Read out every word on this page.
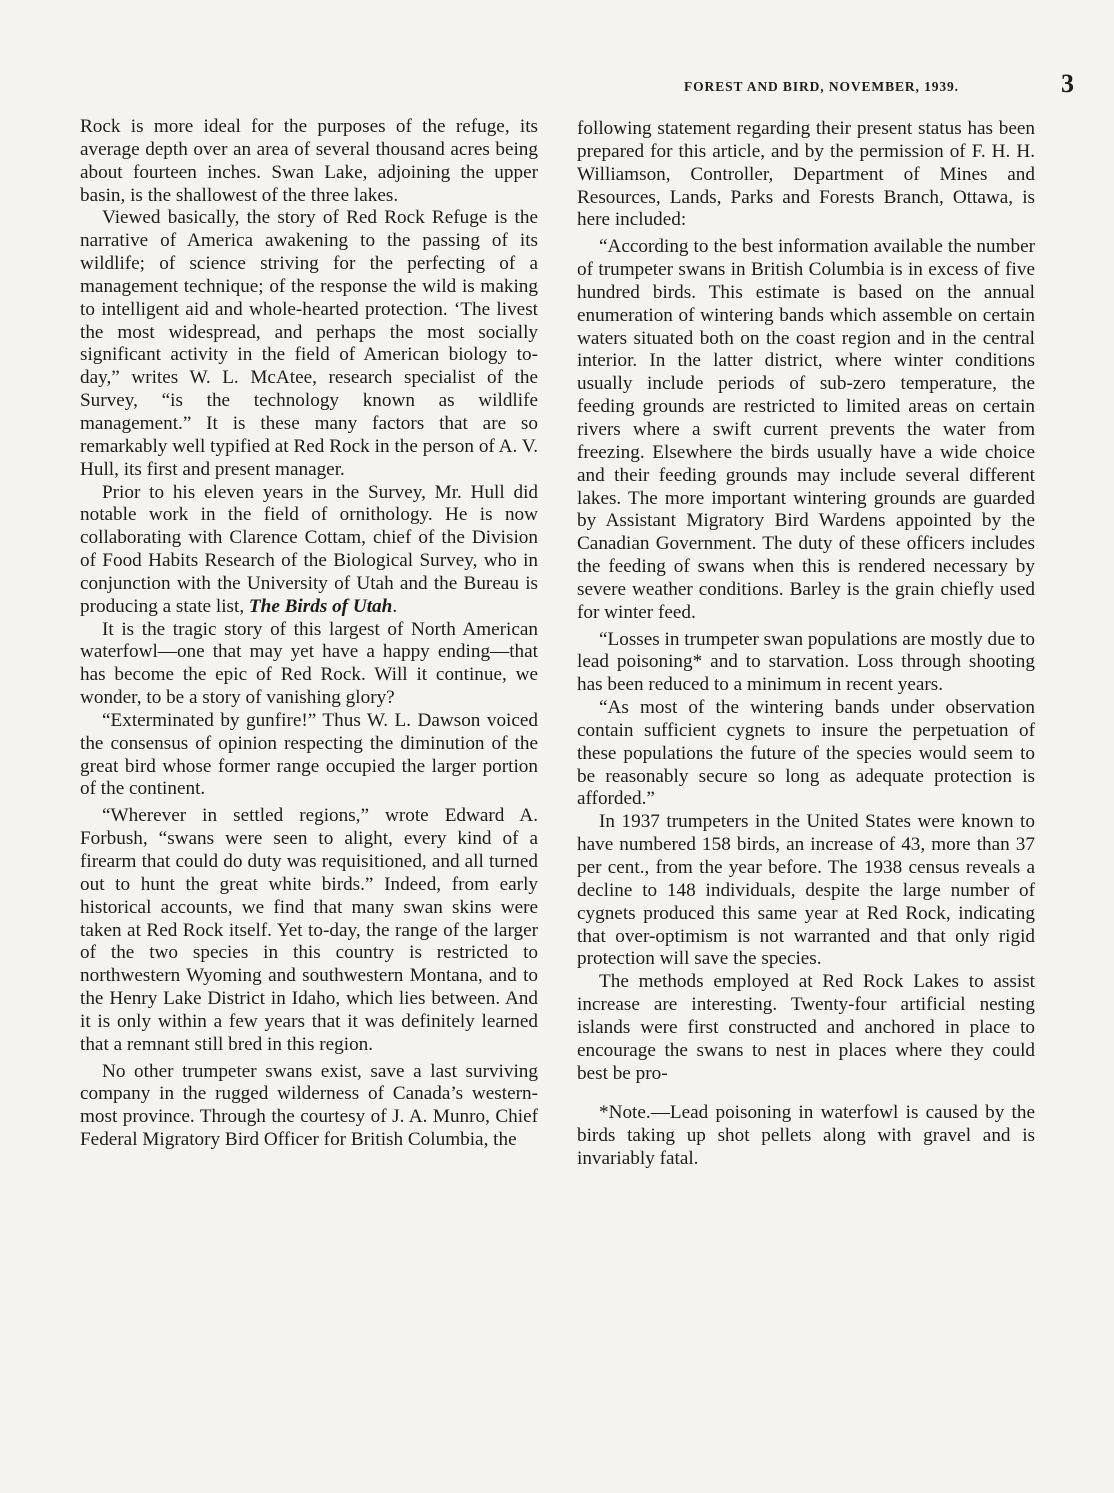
FOREST AND BIRD, NOVEMBER, 1939.	3

Rock is more ideal for the purposes of the refuge, its average depth over an area of several thousand acres being about fourteen inches. Swan Lake, adjoining the upper basin, is the shallowest of the three lakes.

Viewed basically, the story of Red Rock Refuge is the narrative of America awakening to the passing of its wildlife; of science striving for the perfecting of a management technique; of the response the wild is making to intelligent aid and whole-hearted protection. ‘The livest the most widespread, and perhaps the most socially significant activity in the field of American biology to-day,” writes W. L. McAtee, research specialist of the Survey, “is the technology known as wildlife management.” It is these many factors that are so remarkably well typified at Red Rock in the person of A. V. Hull, its first and present manager.

Prior to his eleven years in the Survey, Mr. Hull did notable work in the field of ornithology. He is now collaborating with Clarence Cottam, chief of the Division of Food Habits Research of the Biological Survey, who in conjunction with the University of Utah and the Bureau is producing a state list, The Birds of Utah.

It is the tragic story of this largest of North American waterfowl—one that may yet have a happy ending—that has become the epic of Red Rock. Will it continue, we wonder, to be a story of vanishing glory?

“Exterminated by gunfire!” Thus W. L. Dawson voiced the consensus of opinion respecting the diminution of the great bird whose former range occupied the larger portion of the continent.

“Wherever in settled regions,” wrote Edward A. Forbush, “swans were seen to alight, every kind of a firearm that could do duty was requisitioned, and all turned out to hunt the great white birds.” Indeed, from early historical accounts, we find that many swan skins were taken at Red Rock itself. Yet to-day, the range of the larger of the two species in this country is restricted to northwestern Wyoming and southwestern Montana, and to the Henry Lake District in Idaho, which lies between. And it is only within a few years that it was definitely learned that a remnant still bred in this region.

No other trumpeter swans exist, save a last surviving company in the rugged wilderness of Canada’s western-most province. Through the courtesy of J. A. Munro, Chief Federal Migratory Bird Officer for British Columbia, the

following statement regarding their present status has been prepared for this article, and by the permission of F. H. H. Williamson, Controller, Department of Mines and Resources, Lands, Parks and Forests Branch, Ottawa, is here included:

“According to the best information available the number of trumpeter swans in British Columbia is in excess of five hundred birds. This estimate is based on the annual enumeration of wintering bands which assemble on certain waters situated both on the coast region and in the central interior. In the latter district, where winter conditions usually include periods of sub-zero temperature, the feeding grounds are restricted to limited areas on certain rivers where a swift current prevents the water from freezing. Elsewhere the birds usually have a wide choice and their feeding grounds may include several different lakes. The more important wintering grounds are guarded by Assistant Migratory Bird Wardens appointed by the Canadian Government. The duty of these officers includes the feeding of swans when this is rendered necessary by severe weather conditions. Barley is the grain chiefly used for winter feed.

“Losses in trumpeter swan populations are mostly due to lead poisoning* and to starvation. Loss through shooting has been reduced to a minimum in recent years.

“As most of the wintering bands under observation contain sufficient cygnets to insure the perpetuation of these populations the future of the species would seem to be reasonably secure so long as adequate protection is afforded.”

In 1937 trumpeters in the United States were known to have numbered 158 birds, an increase of 43, more than 37 per cent., from the year before. The 1938 census reveals a decline to 148 individuals, despite the large number of cygnets produced this same year at Red Rock, indicating that over-optimism is not warranted and that only rigid protection will save the species.

The methods employed at Red Rock Lakes to assist increase are interesting. Twenty-four artificial nesting islands were first constructed and anchored in place to encourage the swans to nest in places where they could best be pro-

*Note.—Lead poisoning in waterfowl is caused by the birds taking up shot pellets along with gravel and is invariably fatal.
